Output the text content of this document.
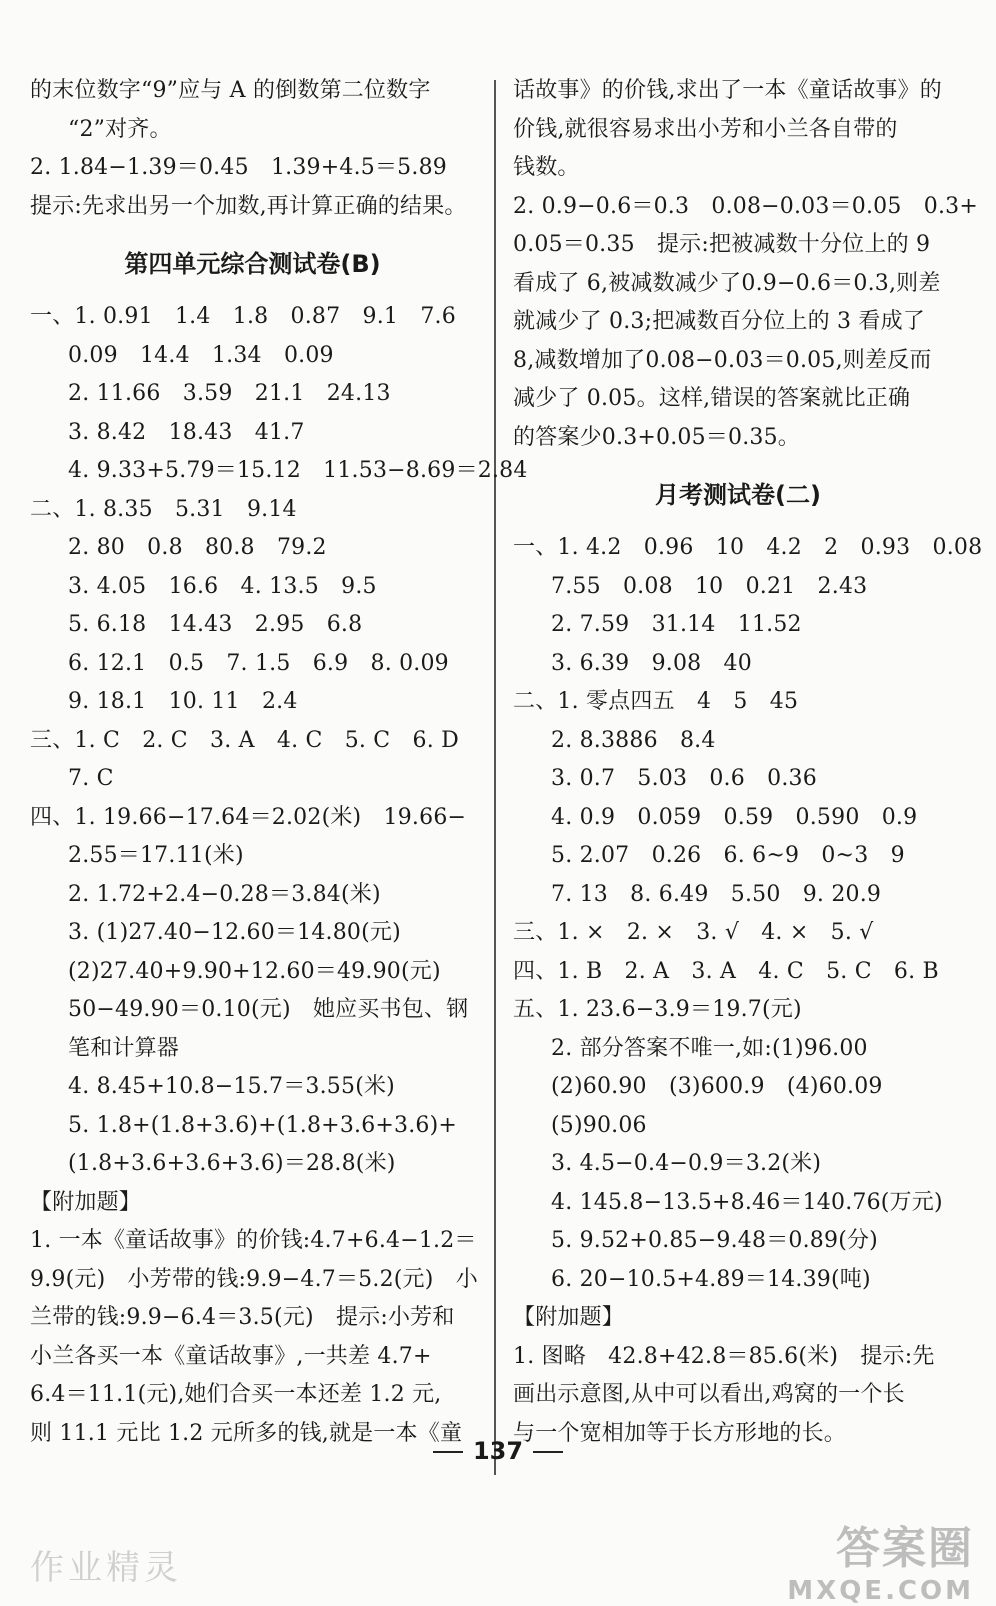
的末位数字“9”应与 A 的倒数第二位数字
“2”对齐。
2. 1.84−1.39＝0.45　1.39+4.5＝5.89
提示:先求出另一个加数,再计算正确的结果。
第四单元综合测试卷(B)
一、1. 0.91　1.4　1.8　0.87　9.1　7.6
0.09　14.4　1.34　0.09
2. 11.66　3.59　21.1　24.13
3. 8.42　18.43　41.7
4. 9.33+5.79＝15.12　11.53−8.69＝2.84
二、1. 8.35　5.31　9.14
2. 80　0.8　80.8　79.2
3. 4.05　16.6　4. 13.5　9.5
5. 6.18　14.43　2.95　6.8
6. 12.1　0.5　7. 1.5　6.9　8. 0.09
9. 18.1　10. 11　2.4
三、1. C　2. C　3. A　4. C　5. C　6. D
7. C
四、1. 19.66−17.64＝2.02(米)　19.66−
2.55＝17.11(米)
2. 1.72+2.4−0.28＝3.84(米)
3. (1)27.40−12.60＝14.80(元)
(2)27.40+9.90+12.60＝49.90(元)
50−49.90＝0.10(元)　她应买书包、钢
笔和计算器
4. 8.45+10.8−15.7＝3.55(米)
5. 1.8+(1.8+3.6)+(1.8+3.6+3.6)+
(1.8+3.6+3.6+3.6)＝28.8(米)
【附加题】
1. 一本《童话故事》的价钱:4.7+6.4−1.2＝
9.9(元)　小芳带的钱:9.9−4.7＝5.2(元)　小
兰带的钱:9.9−6.4＝3.5(元)　提示:小芳和
小兰各买一本《童话故事》,一共差 4.7+
6.4＝11.1(元),她们合买一本还差 1.2 元,
则 11.1 元比 1.2 元所多的钱,就是一本《童
话故事》的价钱,求出了一本《童话故事》的
价钱,就很容易求出小芳和小兰各自带的
钱数。
2. 0.9−0.6＝0.3　0.08−0.03＝0.05　0.3+
0.05＝0.35　提示:把被减数十分位上的 9
看成了 6,被减数减少了0.9−0.6＝0.3,则差
就减少了 0.3;把减数百分位上的 3 看成了
8,减数增加了0.08−0.03＝0.05,则差反而
减少了 0.05。这样,错误的答案就比正确
的答案少0.3+0.05＝0.35。
月考测试卷(二)
一、1. 4.2　0.96　10　4.2　2　0.93　0.08
7.55　0.08　10　0.21　2.43
2. 7.59　31.14　11.52
3. 6.39　9.08　40
二、1. 零点四五　4　5　45
2. 8.3886　8.4
3. 0.7　5.03　0.6　0.36
4. 0.9　0.059　0.59　0.590　0.9
5. 2.07　0.26　6. 6~9　0~3　9
7. 13　8. 6.49　5.50　9. 20.9
三、1. ×　2. ×　3. √　4. ×　5. √
四、1. B　2. A　3. A　4. C　5. C　6. B
五、1. 23.6−3.9＝19.7(元)
2. 部分答案不唯一,如:(1)96.00
(2)60.90　(3)600.9　(4)60.09
(5)90.06
3. 4.5−0.4−0.9＝3.2(米)
4. 145.8−13.5+8.46＝140.76(万元)
5. 9.52+0.85−9.48＝0.89(分)
6. 20−10.5+4.89＝14.39(吨)
【附加题】
1. 图略　42.8+42.8＝85.6(米)　提示:先
画出示意图,从中可以看出,鸡窝的一个长
与一个宽相加等于长方形地的长。
137
作业精灵	答案圈
MXQE.COM
